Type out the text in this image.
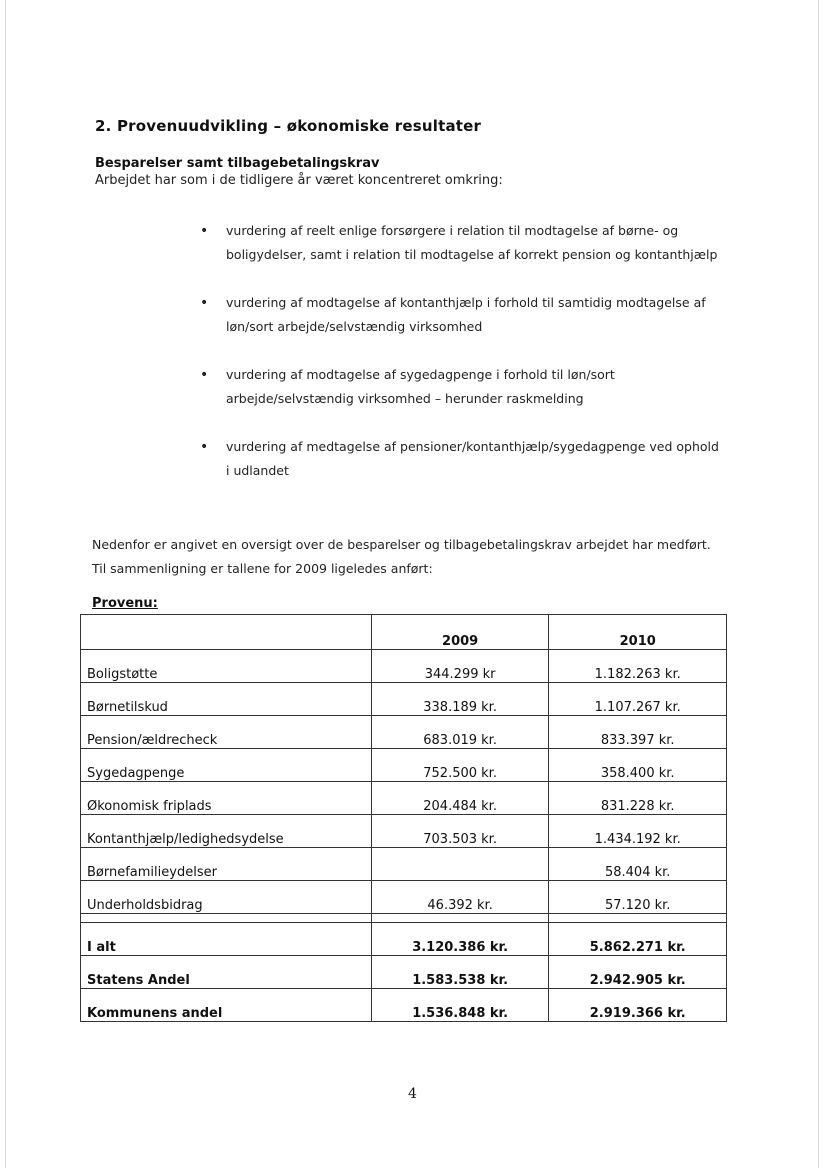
2. Provenuudvikling – økonomiske resultater
Besparelser samt tilbagebetalingskrav
Arbejdet har som i de tidligere år været koncentreret omkring:
• vurdering af reelt enlige forsørgere i relation til modtagelse af børne- og boligydelser, samt i relation til modtagelse af korrekt pension og kontanthjælp
• vurdering af modtagelse af kontanthjælp i forhold til samtidig modtagelse af løn/sort arbejde/selvstændig virksomhed
• vurdering af modtagelse af sygedagpenge i forhold til løn/sort arbejde/selvstændig virksomhed – herunder raskmelding
• vurdering af medtagelse af pensioner/kontanthjælp/sygedagpenge ved ophold i udlandet
Nedenfor er angivet en oversigt over de besparelser og tilbagebetalingskrav arbejdet har medført. Til sammenligning er tallene for 2009 ligeledes anført:
Provenu:
	2009	2010
Boligstøtte	344.299 kr	1.182.263 kr.
Børnetilskud	338.189 kr.	1.107.267 kr.
Pension/ældrecheck	683.019 kr.	833.397 kr.
Sygedagpenge	752.500 kr.	358.400 kr.
Økonomisk friplads	204.484 kr.	831.228 kr.
Kontanthjælp/ledighedsydelse	703.503 kr.	1.434.192 kr.
Børnefamilieydelser		58.404 kr.
Underholdsbidrag	46.392 kr.	57.120 kr.

I alt	3.120.386 kr.	5.862.271 kr.
Statens Andel	1.583.538 kr.	2.942.905 kr.
Kommunens andel	1.536.848 kr.	2.919.366 kr.
4
